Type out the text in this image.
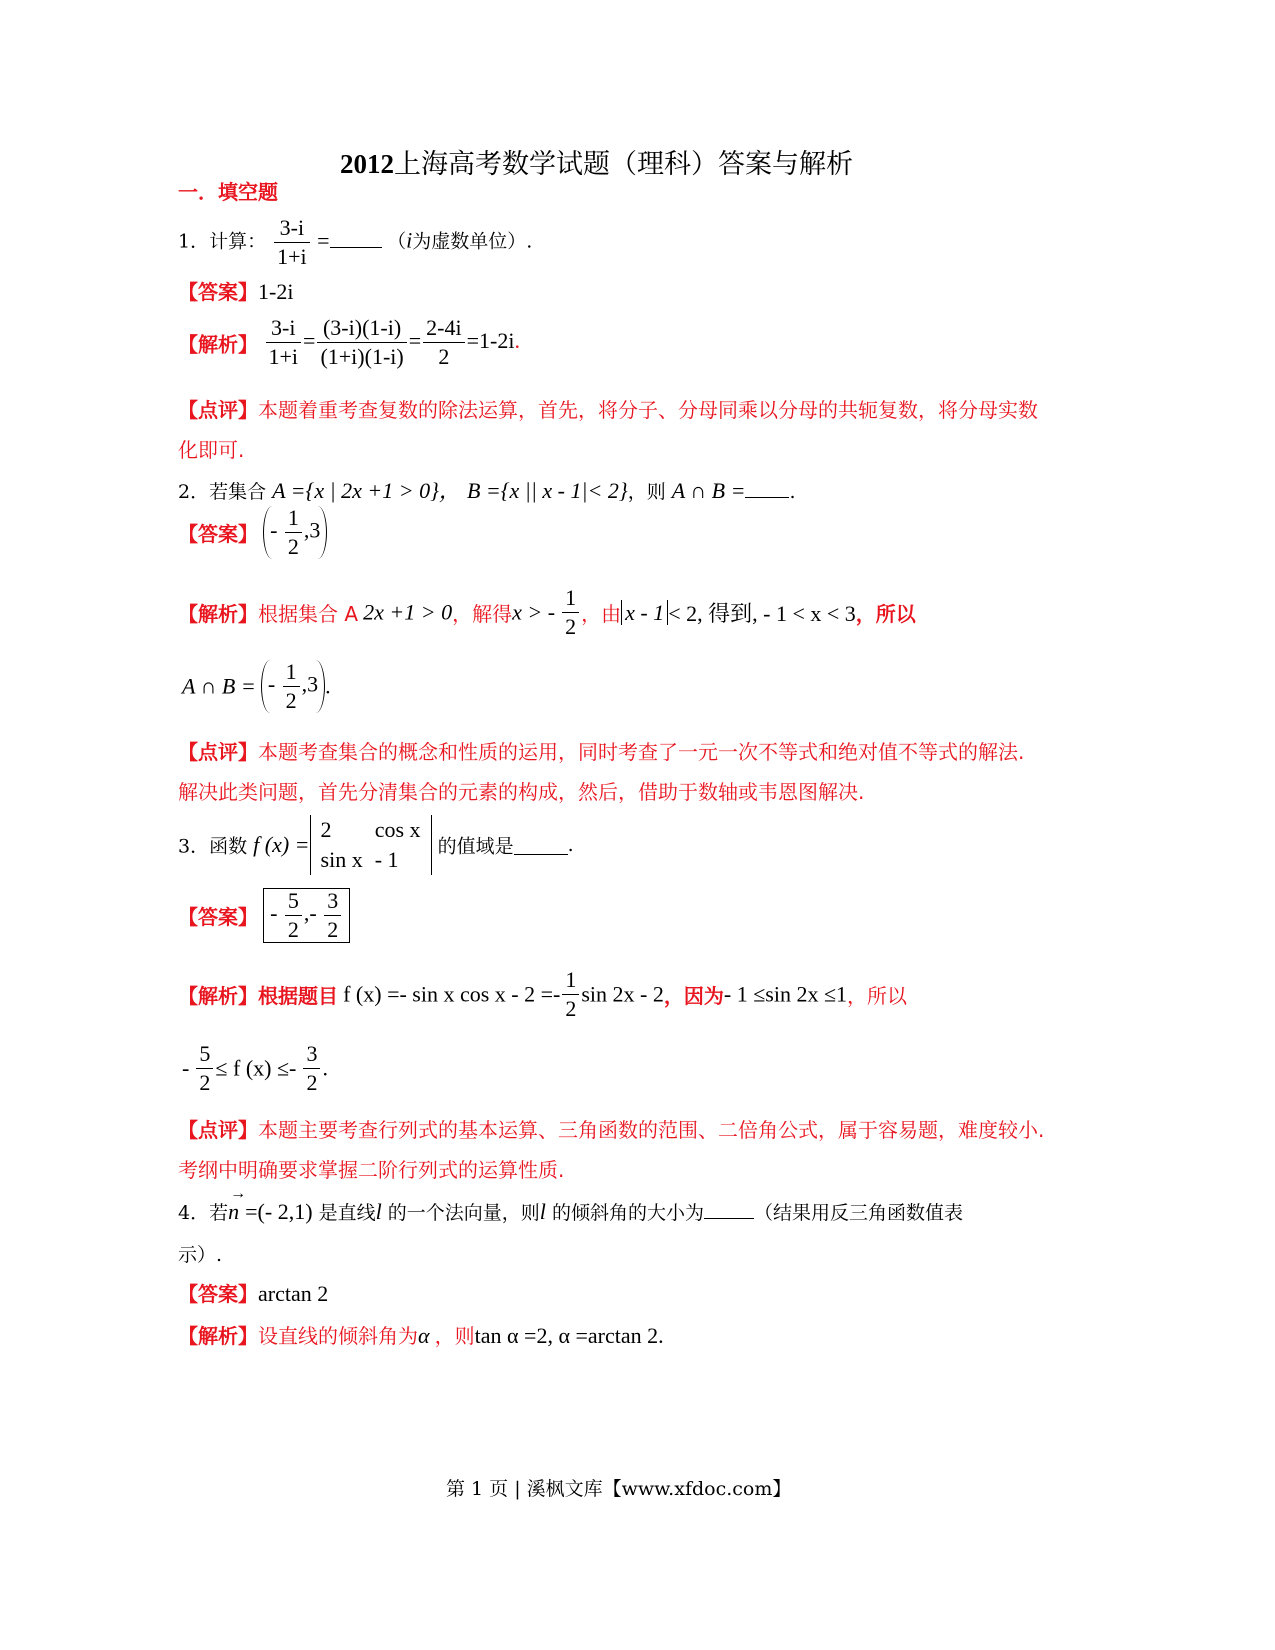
2012上海高考数学试题（理科）答案与解析
一．填空题
1．计算： $\frac{3-i}{1+i}$ =	（i为虚数单位）.
【答案】1-2i
【解析】 $\frac{3-i}{1+i} = \frac{(3-i)(1-i)}{(1+i)(1-i)} = \frac{2-4i}{2} =1-2i$.
【点评】本题着重考查复数的除法运算，首先，将分子、分母同乘以分母的共轭复数，将分母实数
化即可.
2．若集合 A ={x | 2x +1 > 0}， B ={x || x - 1|< 2}，则 A ∩ B = .
【答案】 - $\frac{1}{2} ,3$
【解析】根据集合 A 2x +1 > 0，解得x > - $\frac{1}{2}$ ，由 x - 1 < 2, 得到, - 1 < x < 3，所以
A ∩ B = - $\frac{1}{2} ,3$ .
【点评】本题考查集合的概念和性质的运用，同时考查了一元一次不等式和绝对值不等式的解法.
解决此类问题，首先分清集合的元素的构成，然后，借助于数轴或韦恩图解决.
3．函数 f (x) =
2	cos x
sin x	- 1
的值域是	.
【答案】 - $\frac{5}{2}$ ,- $\frac{3}{2}$
【解析】根据题目 f (x) =- sin x $\cos x - 2 =- \frac{1}{2}$ sin 2x - 2，因为- 1 ≤sin 2x ≤1，所以
- $\frac{5}{2} \le f$ $(x) \le- \frac{3}{2}$ .
【点评】本题主要考查行列式的基本运算、三角函数的范围、二倍角公式，属于容易题，难度较小.
考纲中明确要求掌握二阶行列式的运算性质.
4．若
→
n =(- 2,1) 是直线l 的一个法向量，则l 的倾斜角的大小为	（结果用反三角函数值表
示）.
【答案】arctan 2
【解析】设直线的倾斜角为α ，则tan α =2, α =arctan 2.
第 1 页 | 溪枫文库【www.xfdoc.com】
